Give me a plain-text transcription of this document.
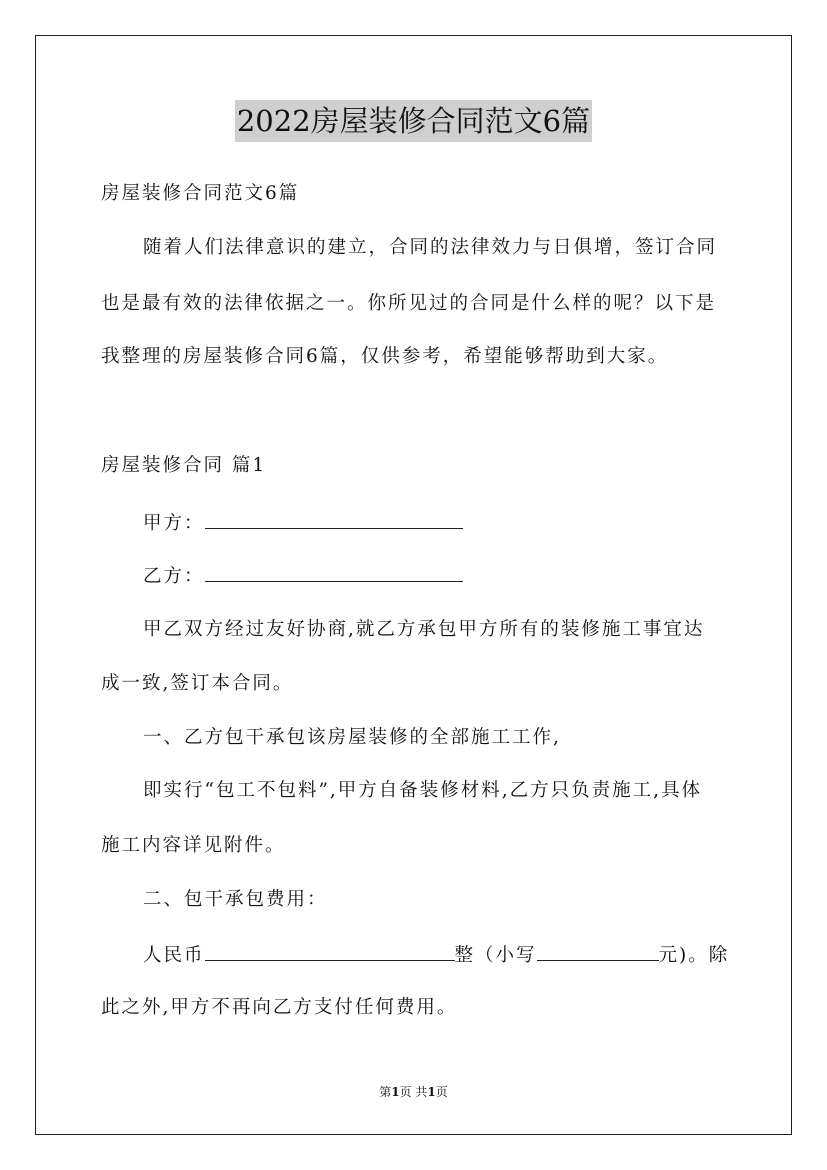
2022房屋装修合同范文6篇
房屋装修合同范文6篇
随着人们法律意识的建立，合同的法律效力与日俱增，签订合同
也是最有效的法律依据之一。你所见过的合同是什么样的呢？以下是
我整理的房屋装修合同6篇，仅供参考，希望能够帮助到大家。
房屋装修合同 篇1
甲方：
乙方：
甲乙双方经过友好协商,就乙方承包甲方所有的装修施工事宜达
成一致,签订本合同。
一、乙方包干承包该房屋装修的全部施工工作,
即实行“包工不包料”,甲方自备装修材料,乙方只负责施工,具体
施工内容详见附件。
二、包干承包费用：
人民币	整（小写	元)。除
此之外,甲方不再向乙方支付任何费用。
第1页 共1页
